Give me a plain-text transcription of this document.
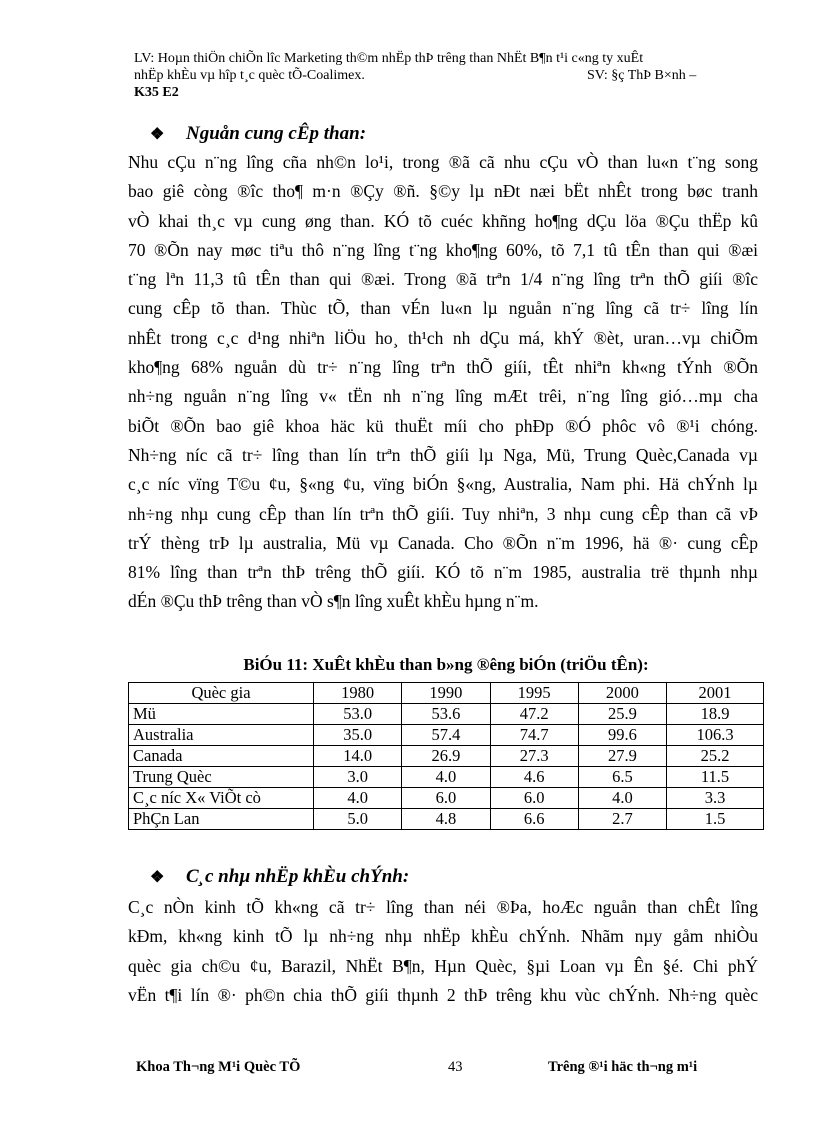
LV: Hoµn thiÖn chiÕn lîc Marketing th©m nhËp thÞ trêng than NhËt B¶n t¹i c«ng ty xuÊt
nhËp khÈu vµ hîp t¸c quèc tÕ-Coalimex.	SV: §ç ThÞ B×nh –
K35 E2
❖ Nguån cung cÊp than:
Nhu cÇu n¨ng lîng cña nh©n lo¹i, trong ®ã cã nhu cÇu vÒ than lu«n t¨ng song
bao giê còng ®îc tho¶ m·n ®Çy ®ñ. §©y lµ nÐt næi bËt nhÊt trong bøc tranh
vÒ khai th¸c vµ cung øng than. KÓ tõ cuéc khñng ho¶ng dÇu löa ®Çu thËp kû
70 ®Õn nay møc tiªu thô n¨ng lîng t¨ng kho¶ng 60%, tõ 7,1 tû tÊn than qui ®æi
t¨ng lªn 11,3 tû tÊn than qui ®æi. Trong ®ã trªn 1/4 n¨ng lîng trªn thÕ giíi ®îc
cung cÊp tõ than. Thùc tÕ, than vÉn lu«n lµ nguån n¨ng lîng cã tr÷ lîng lín
nhÊt trong c¸c d¹ng nhiªn liÖu ho¸ th¹ch nh dÇu má, khÝ ®èt, uran…vµ chiÕm
kho¶ng 68% nguån dù tr÷ n¨ng lîng trªn thÕ giíi, tÊt nhiªn kh«ng tÝnh ®Õn
nh÷ng nguån n¨ng lîng v« tËn nh n¨ng lîng mÆt trêi, n¨ng lîng gió…mµ cha
biÕt ®Õn bao giê khoa häc kü thuËt míi cho phÐp ®Ó phôc vô ®¹i chóng.
Nh÷ng níc cã tr÷ lîng than lín trªn thÕ giíi lµ Nga, Mü, Trung Quèc,Canada vµ
c¸c níc vïng T©u ¢u, §«ng ¢u, vïng biÓn §«ng, Australia, Nam phi. Hä chÝnh lµ
nh÷ng nhµ cung cÊp than lín trªn thÕ giíi. Tuy nhiªn, 3 nhµ cung cÊp than cã vÞ
trÝ thèng trÞ lµ australia, Mü vµ Canada. Cho ®Õn n¨m 1996, hä ®· cung cÊp
81% lîng than trªn thÞ trêng thÕ giíi. KÓ tõ n¨m 1985, australia trë thµnh nhµ
dÉn ®Çu thÞ trêng than vÒ s¶n lîng xuÊt khÈu hµng n¨m.
BiÓu 11: XuÊt khÈu than b»ng ®êng biÓn (triÖu tÊn):
Quèc gia	1980	1990	1995	2000	2001
Mü	53.0	53.6	47.2	25.9	18.9
Australia	35.0	57.4	74.7	99.6	106.3
Canada	14.0	26.9	27.3	27.9	25.2
Trung Quèc	3.0	4.0	4.6	6.5	11.5
C¸c níc X« ViÕt cò	4.0	6.0	6.0	4.0	3.3
PhÇn Lan	5.0	4.8	6.6	2.7	1.5
❖ C¸c nhµ nhËp khÈu chÝnh:
C¸c nÒn kinh tÕ kh«ng cã tr÷ lîng than néi ®Þa, hoÆc nguån than chÊt lîng
kÐm, kh«ng kinh tÕ lµ nh÷ng nhµ nhËp khÈu chÝnh. Nhãm nµy gåm nhiÒu
quèc gia ch©u ¢u, Barazil, NhËt B¶n, Hµn Quèc, §µi Loan vµ Ên §é. Chi phÝ
vËn t¶i lín ®· ph©n chia thÕ giíi thµnh 2 thÞ trêng khu vùc chÝnh. Nh÷ng quèc
Khoa Th¬ng M¹i Quèc TÕ	43	Trêng ®¹i häc th¬ng m¹i
